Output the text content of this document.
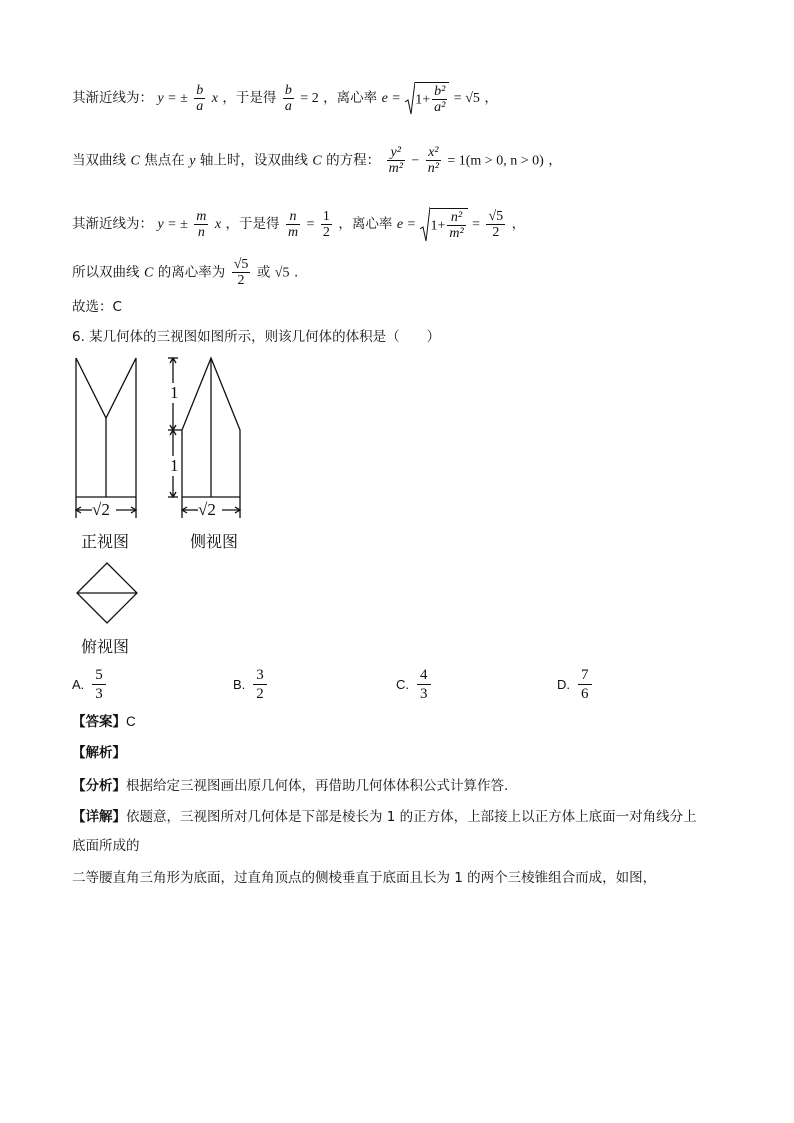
其渐近线为： y = ± $\frac{b}{a}$ x ，于是得 $\frac{b}{a} = 2$ ，离心率 $e = 1+ \frac{\text{b²}}{\text{a²}} = √5$ ，
当双曲线 C 焦点在 y 轴上时，设双曲线 C 的方程： $\frac{\text{y²}}{\text{m²}} - \frac{\text{x²}}{\text{n²}} = 1(m > 0$, n > 0) ，
其渐近线为： y = ± $\frac{m}{n}$ x ，于是得 $\frac{n}{m} = \frac{1}{2}$ ，离心率 $e = 1+ \frac{\text{n²}}{\text{m²}} = \frac{√5}{2}$ ，
所以双曲线 C 的离心率为 $\frac{√5}{2}$ 或 √5 .
故选：C
6. 某几何体的三视图如图所示，则该几何体的体积是（　　）
√2
正视图
1
1
√2
侧视图
俯视图
A. $\frac{5}{3}$	B. $\frac{3}{2}$	C. $\frac{4}{3}$	D. $\frac{7}{6}$
【答案】C
【解析】
【分析】根据给定三视图画出原几何体，再借助几何体体积公式计算作答.
【详解】依题意，三视图所对几何体是下部是棱长为 1 的正方体，上部接上以正方体上底面一对角线分上
底面所成的
二等腰直角三角形为底面，过直角顶点的侧棱垂直于底面且长为 1 的两个三棱锥组合而成，如图，
